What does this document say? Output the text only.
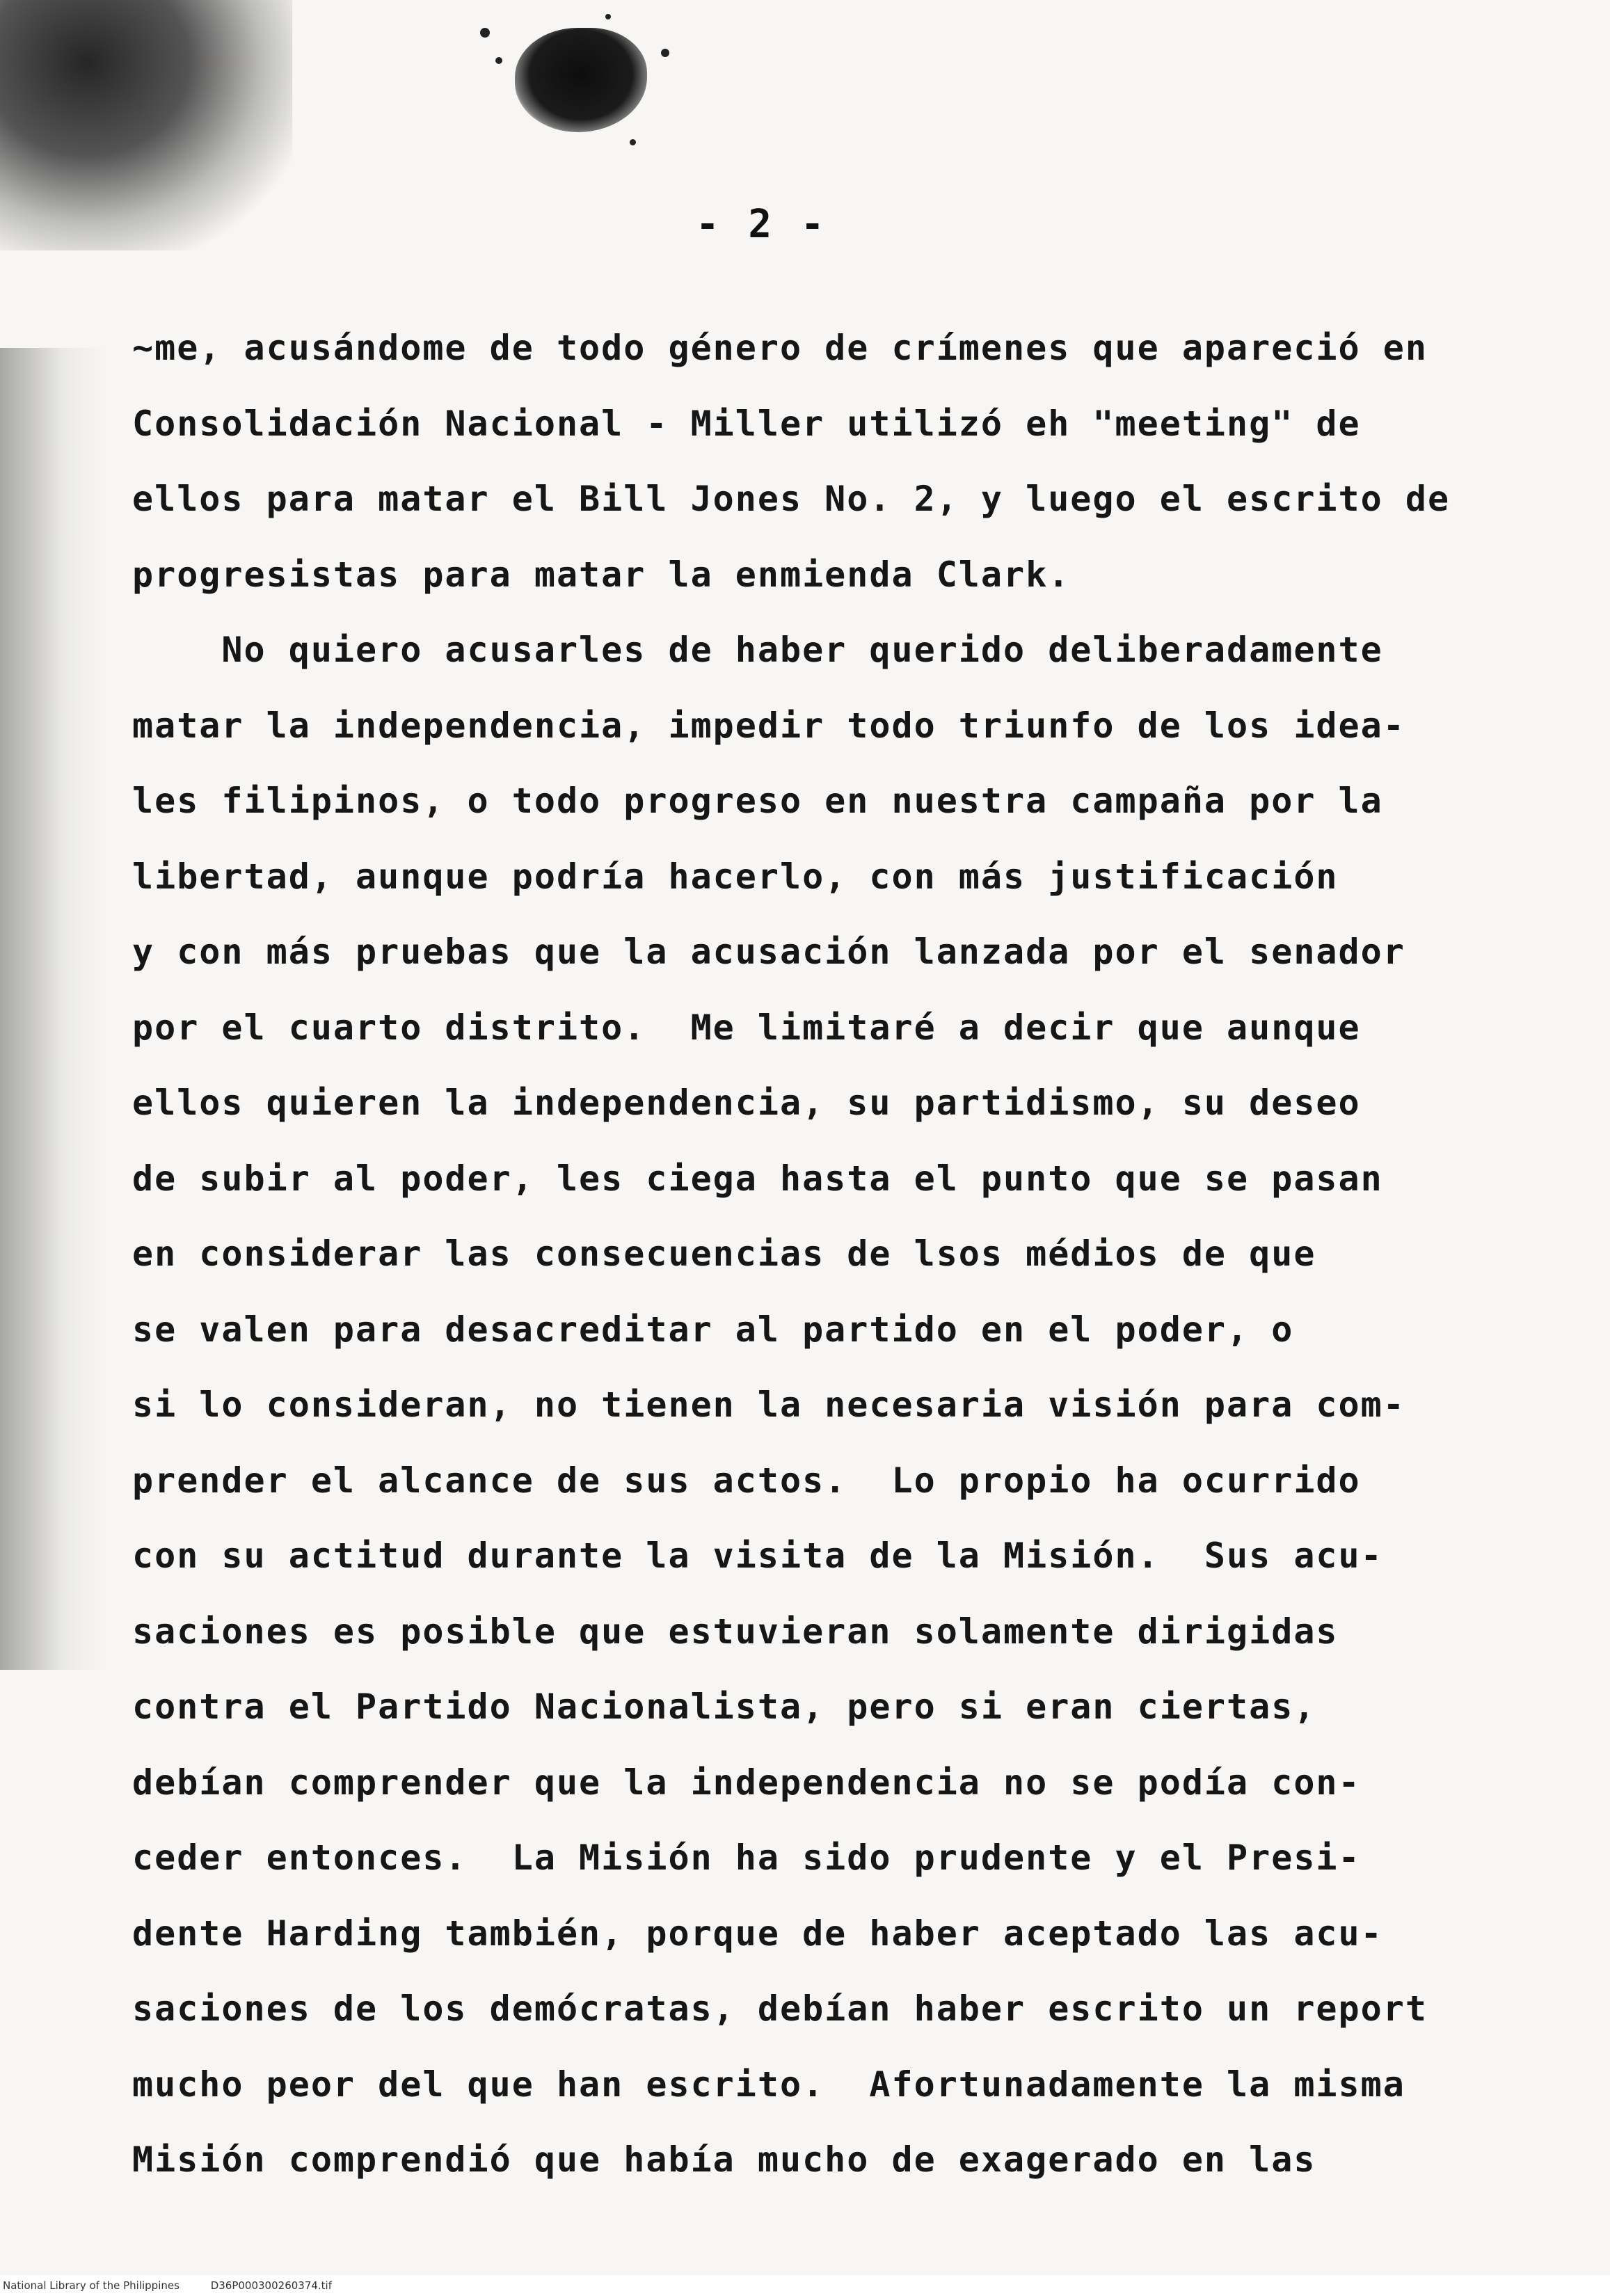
- 2 -
~me, acusándome de todo género de crímenes que apareció en
Consolidación Nacional - Miller utilizó eh "meeting" de
ellos para matar el Bill Jones No. 2, y luego el escrito de
progresistas para matar la enmienda Clark.
No quiero acusarles de haber querido deliberadamente
matar la independencia, impedir todo triunfo de los idea-
les filipinos, o todo progreso en nuestra campaña por la
libertad, aunque podría hacerlo, con más justificación
y con más pruebas que la acusación lanzada por el senador
por el cuarto distrito.  Me limitaré a decir que aunque
ellos quieren la independencia, su partidismo, su deseo
de subir al poder, les ciega hasta el punto que se pasan
en considerar las consecuencias de lsos médios de que
se valen para desacreditar al partido en el poder, o
si lo consideran, no tienen la necesaria visión para com-
prender el alcance de sus actos.  Lo propio ha ocurrido
con su actitud durante la visita de la Misión.  Sus acu-
saciones es posible que estuvieran solamente dirigidas
contra el Partido Nacionalista, pero si eran ciertas,
debían comprender que la independencia no se podía con-
ceder entonces.  La Misión ha sido prudente y el Presi-
dente Harding también, porque de haber aceptado las acu-
saciones de los demócratas, debían haber escrito un report
mucho peor del que han escrito.  Afortunadamente la misma
Misión comprendió que había mucho de exagerado en las
National Library of the Philippines	D36P000300260374.tif
